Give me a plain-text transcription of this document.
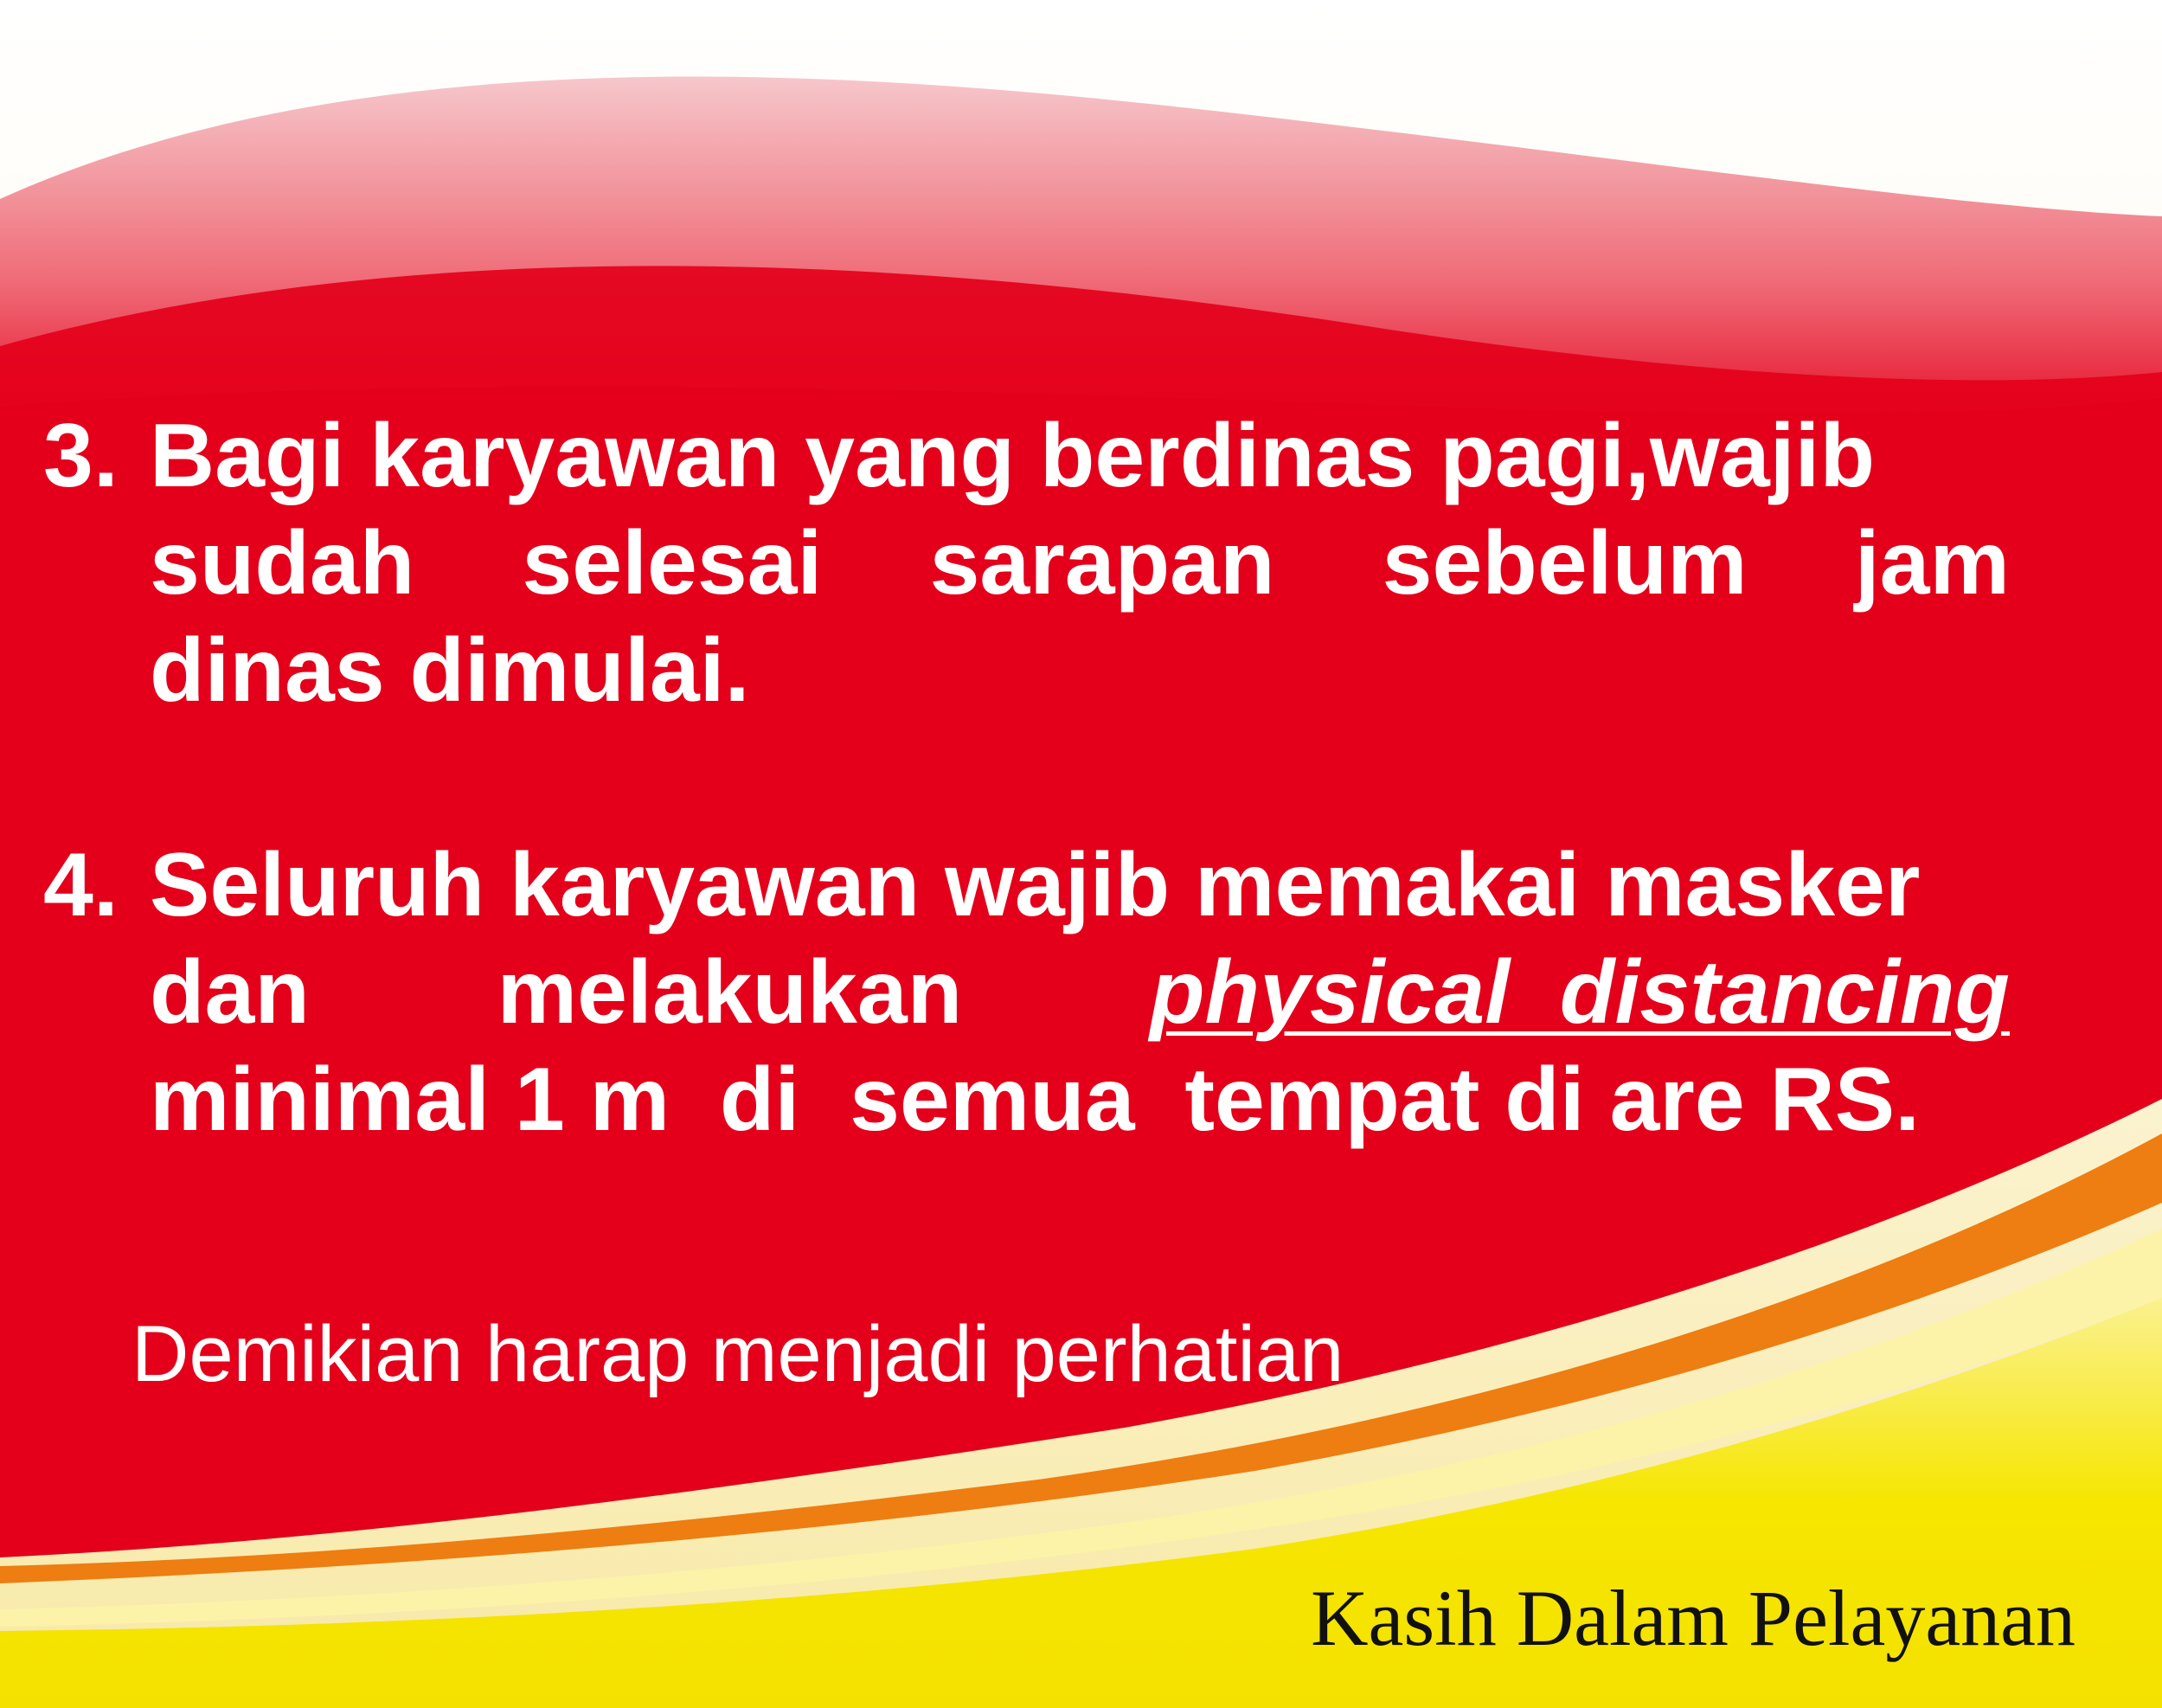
3. Bagi karyawan yang berdinas pagi,wajib
sudah selesai sarapan sebelum jam
dinas dimulai.
4. Seluruh karyawan wajib memakai masker
dan melakukan physical  distancing
minimal 1 m  di  semua  tempat di are RS.
Demikian harap menjadi perhatian
Kasih Dalam Pelayanan
